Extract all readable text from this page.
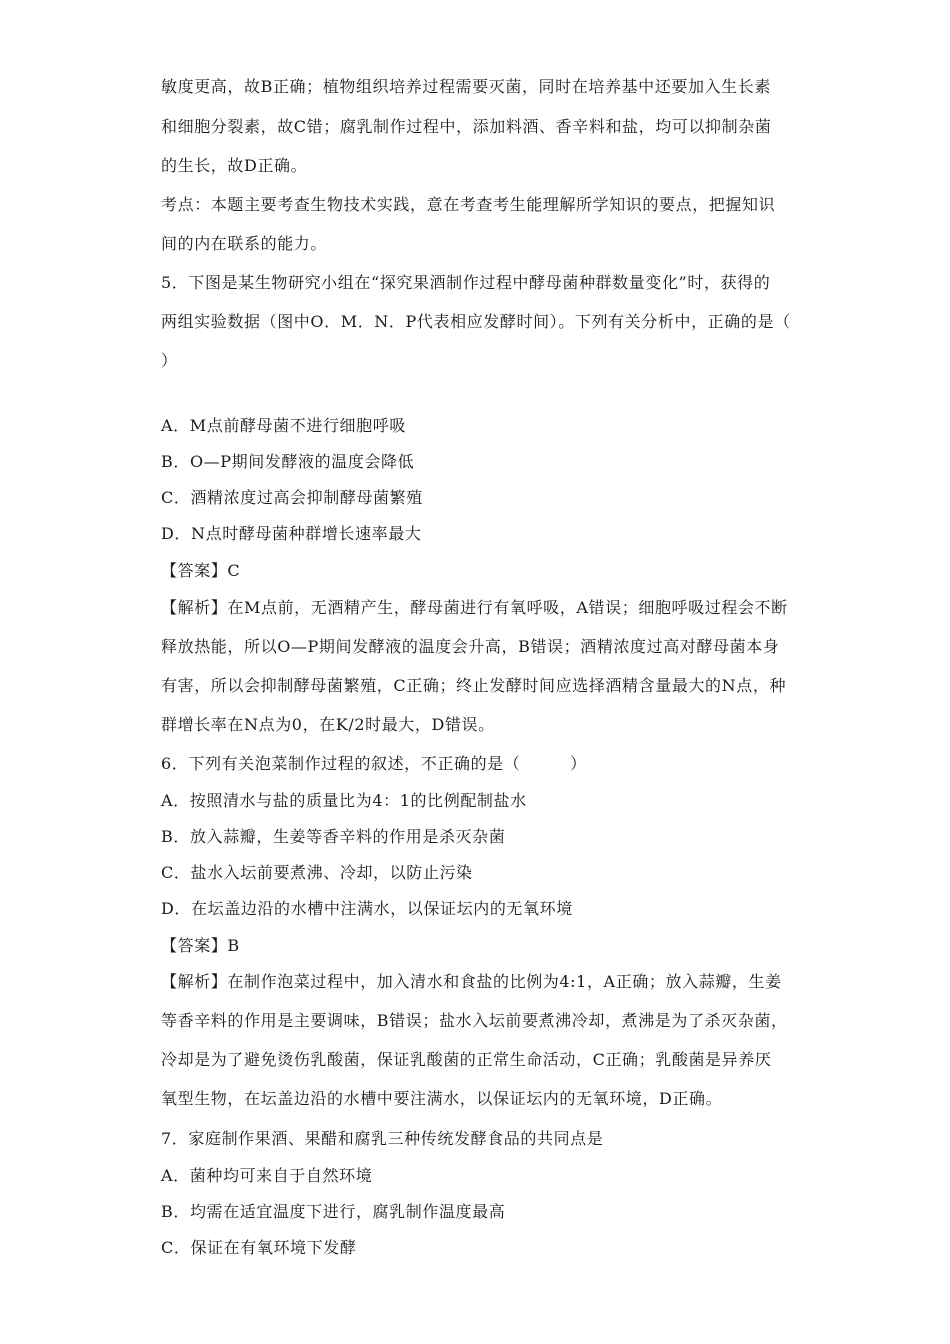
敏度更高，故B正确；植物组织培养过程需要灭菌，同时在培养基中还要加入生长素
和细胞分裂素，故C错；腐乳制作过程中，添加料酒、香辛料和盐，均可以抑制杂菌
的生长，故D正确。
考点：本题主要考查生物技术实践，意在考查考生能理解所学知识的要点，把握知识
间的内在联系的能力。
5．下图是某生物研究小组在“探究果酒制作过程中酵母菌种群数量变化”时，获得的
两组实验数据（图中O．M．N．P代表相应发酵时间）。下列有关分析中，正确的是（
）
A．M点前酵母菌不进行细胞呼吸
B．O—P期间发酵液的温度会降低
C．酒精浓度过高会抑制酵母菌繁殖
D．N点时酵母菌种群增长速率最大
【答案】C
【解析】在M点前，无酒精产生，酵母菌进行有氧呼吸，A错误；细胞呼吸过程会不断
释放热能，所以O—P期间发酵液的温度会升高，B错误；酒精浓度过高对酵母菌本身
有害，所以会抑制酵母菌繁殖，C正确；终止发酵时间应选择酒精含量最大的N点，种
群增长率在N点为0，在K/2时最大，D错误。
6．下列有关泡菜制作过程的叙述，不正确的是（　　　）
A．按照清水与盐的质量比为4：1的比例配制盐水
B．放入蒜瓣，生姜等香辛料的作用是杀灭杂菌
C．盐水入坛前要煮沸、冷却，以防止污染
D．在坛盖边沿的水槽中注满水，以保证坛内的无氧环境
【答案】B
【解析】在制作泡菜过程中，加入清水和食盐的比例为4:1，A正确；放入蒜瓣，生姜
等香辛料的作用是主要调味，B错误；盐水入坛前要煮沸冷却，煮沸是为了杀灭杂菌，
冷却是为了避免烫伤乳酸菌，保证乳酸菌的正常生命活动，C正确；乳酸菌是异养厌
氧型生物，在坛盖边沿的水槽中要注满水，以保证坛内的无氧环境，D正确。
7．家庭制作果酒、果醋和腐乳三种传统发酵食品的共同点是
A．菌种均可来自于自然环境
B．均需在适宜温度下进行，腐乳制作温度最高
C．保证在有氧环境下发酵
